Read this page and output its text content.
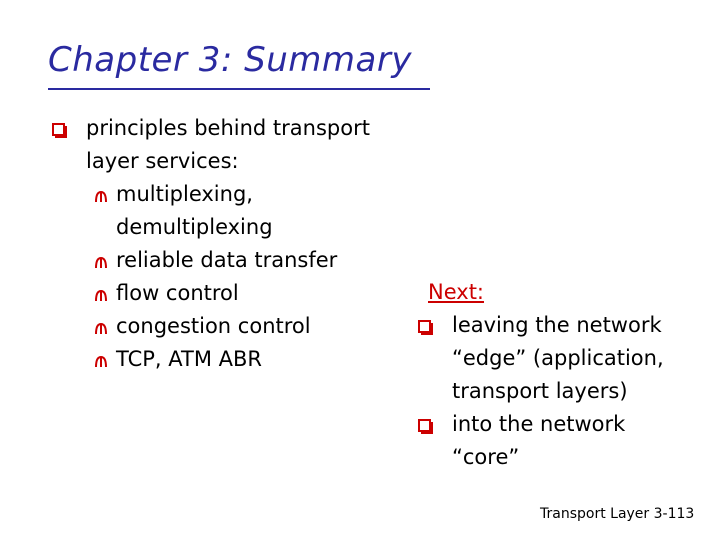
Chapter 3: Summary
principles behind transport
layer services:
multiplexing,
demultiplexing
reliable data transfer
flow control
congestion control
TCP, ATM ABR
Next:
leaving the network
“edge” (application,
transport layers)
into the network
“core”
Transport Layer 3-113
